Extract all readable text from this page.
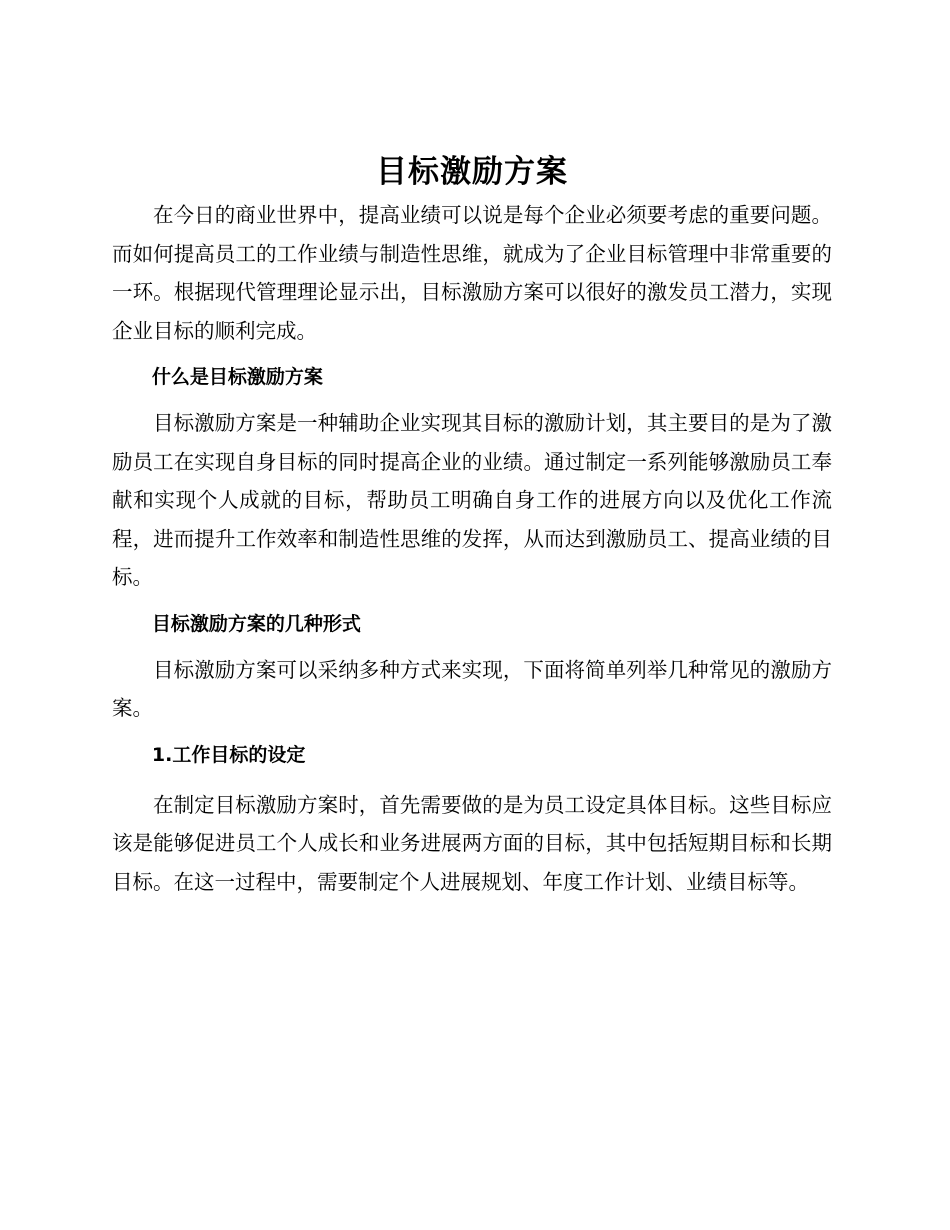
目标激励方案

在今日的商业世界中，提高业绩可以说是每个企业必须要考虑的重要问题。而如何提高员工的工作业绩与制造性思维，就成为了企业目标管理中非常重要的一环。根据现代管理理论显示出，目标激励方案可以很好的激发员工潜力，实现企业目标的顺利完成。

什么是目标激励方案

目标激励方案是一种辅助企业实现其目标的激励计划，其主要目的是为了激励员工在实现自身目标的同时提高企业的业绩。通过制定一系列能够激励员工奉献和实现个人成就的目标，帮助员工明确自身工作的进展方向以及优化工作流程，进而提升工作效率和制造性思维的发挥，从而达到激励员工、提高业绩的目标。

目标激励方案的几种形式

目标激励方案可以采纳多种方式来实现，下面将简单列举几种常见的激励方案。

1.工作目标的设定

在制定目标激励方案时，首先需要做的是为员工设定具体目标。这些目标应该是能够促进员工个人成长和业务进展两方面的目标，其中包括短期目标和长期目标。在这一过程中，需要制定个人进展规划、年度工作计划、业绩目标等。
